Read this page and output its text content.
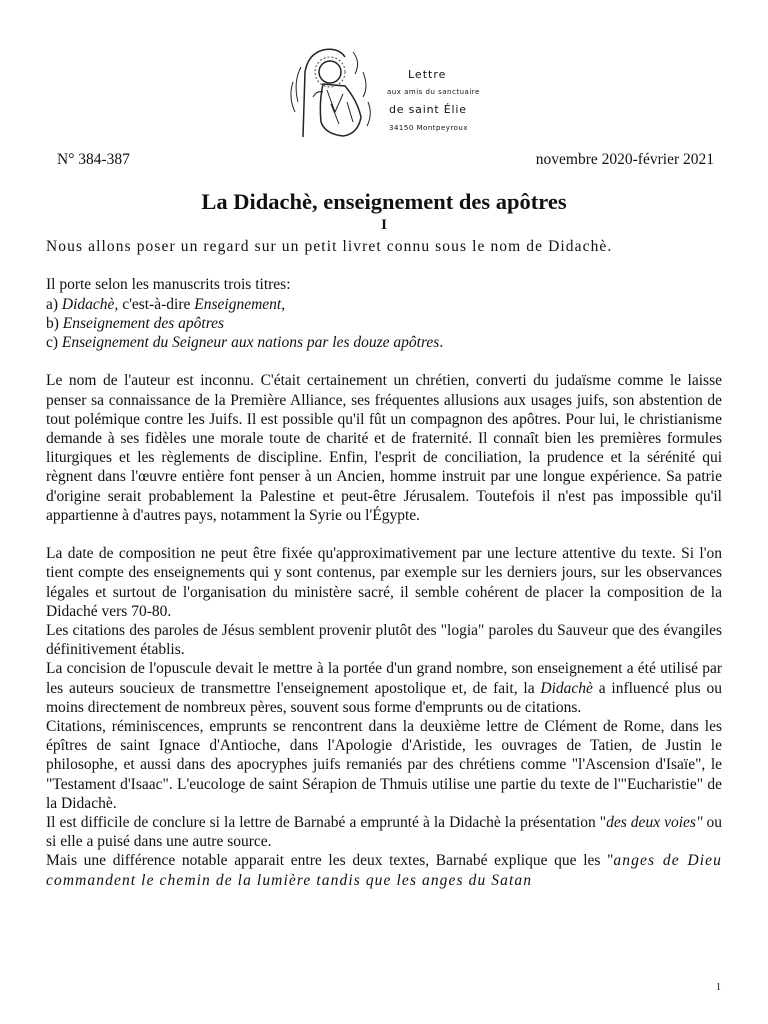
Lettre
aux amis du sanctuaire
de saint Élie
34150 Montpeyroux
N° 384-387	novembre 2020-février 2021
La Didachè, enseignement des apôtres
I

Nous allons poser un regard sur un petit livret connu sous le nom de Didachè.

Il porte selon les manuscrits trois titres:

a) Didachè, c'est-à-dire Enseignement,

b) Enseignement des apôtres

c) Enseignement du Seigneur aux nations par les douze apôtres.

Le nom de l'auteur est inconnu. C'était certainement un chrétien, converti du judaïsme comme le laisse penser sa connaissance de la Première Alliance, ses fréquentes allusions aux usages juifs, son abstention de tout polémique contre les Juifs. Il est possible qu'il fût un compagnon des apôtres. Pour lui, le christianisme demande à ses fidèles une morale toute de charité et de fraternité. Il connaît bien les premières formules liturgiques et les règlements de discipline. Enfin, l'esprit de conciliation, la prudence et la sérénité qui règnent dans l'œuvre entière font penser à un Ancien, homme instruit par une longue expérience. Sa patrie d'origine serait probablement la Palestine et peut-être Jérusalem. Toutefois il n'est pas impossible qu'il appartienne à d'autres pays, notamment la Syrie ou l'Égypte.

La date de composition ne peut être fixée qu'approximativement par une lecture attentive du texte. Si l'on tient compte des enseignements qui y sont contenus, par exemple sur les derniers jours, sur les observances légales et surtout de l'organisation du ministère sacré, il semble cohérent de placer la composition de la Didaché vers 70-80.

Les citations des paroles de Jésus semblent provenir plutôt des "logia" paroles du Sauveur que des évangiles définitivement établis.

La concision de l'opuscule devait le mettre à la portée d'un grand nombre, son enseignement a été utilisé par les auteurs soucieux de transmettre l'enseignement apostolique et, de fait, la Didachè a influencé plus ou moins directement de nombreux pères, souvent sous forme d'emprunts ou de citations.

Citations, réminiscences, emprunts se rencontrent dans la deuxième lettre de Clément de Rome, dans les épîtres de saint Ignace d'Antioche, dans l'Apologie d'Aristide, les ouvrages de Tatien, de Justin le philosophe, et aussi dans des apocryphes juifs remaniés par des chrétiens comme "l'Ascension d'Isaïe", le "Testament d'Isaac". L'eucologe de saint Sérapion de Thmuis utilise une partie du texte de l'"Eucharistie" de la Didachè.

Il est difficile de conclure si la lettre de Barnabé a emprunté à la Didachè la présentation "des deux voies" ou si elle a puisé dans une autre source.

Mais une différence notable apparait entre les deux textes, Barnabé explique que les "anges de Dieu commandent le chemin de la lumière tandis que les anges du Satan

1
